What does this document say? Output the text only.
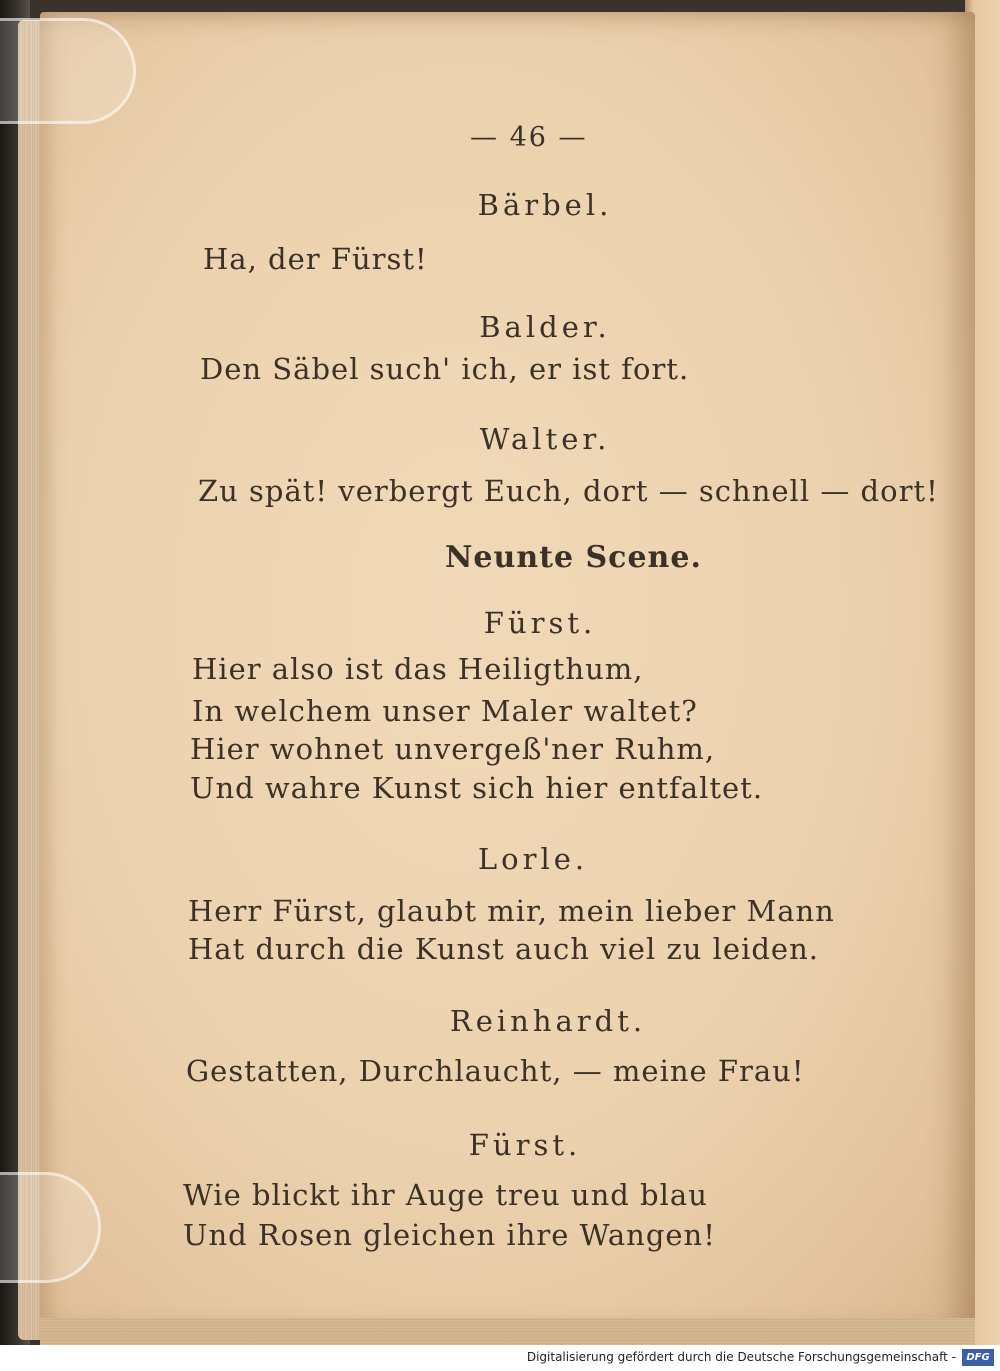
— 46 —
Bärbel.
Ha, der Fürst!
Balder.
Den Säbel such' ich, er ist fort.
Walter.
Zu spät! verbergt Euch, dort — schnell — dort!
Neunte Scene.
Fürst.
Hier also ist das Heiligthum,
In welchem unser Maler waltet?
Hier wohnet unvergeß'ner Ruhm,
Und wahre Kunst sich hier entfaltet.
Lorle.
Herr Fürst, glaubt mir, mein lieber Mann
Hat durch die Kunst auch viel zu leiden.
Reinhardt.
Gestatten, Durchlaucht, — meine Frau!
Fürst.
Wie blickt ihr Auge treu und blau
Und Rosen gleichen ihre Wangen!
Digitalisierung gefördert durch die Deutsche Forschungsgemeinschaft -	DFG
